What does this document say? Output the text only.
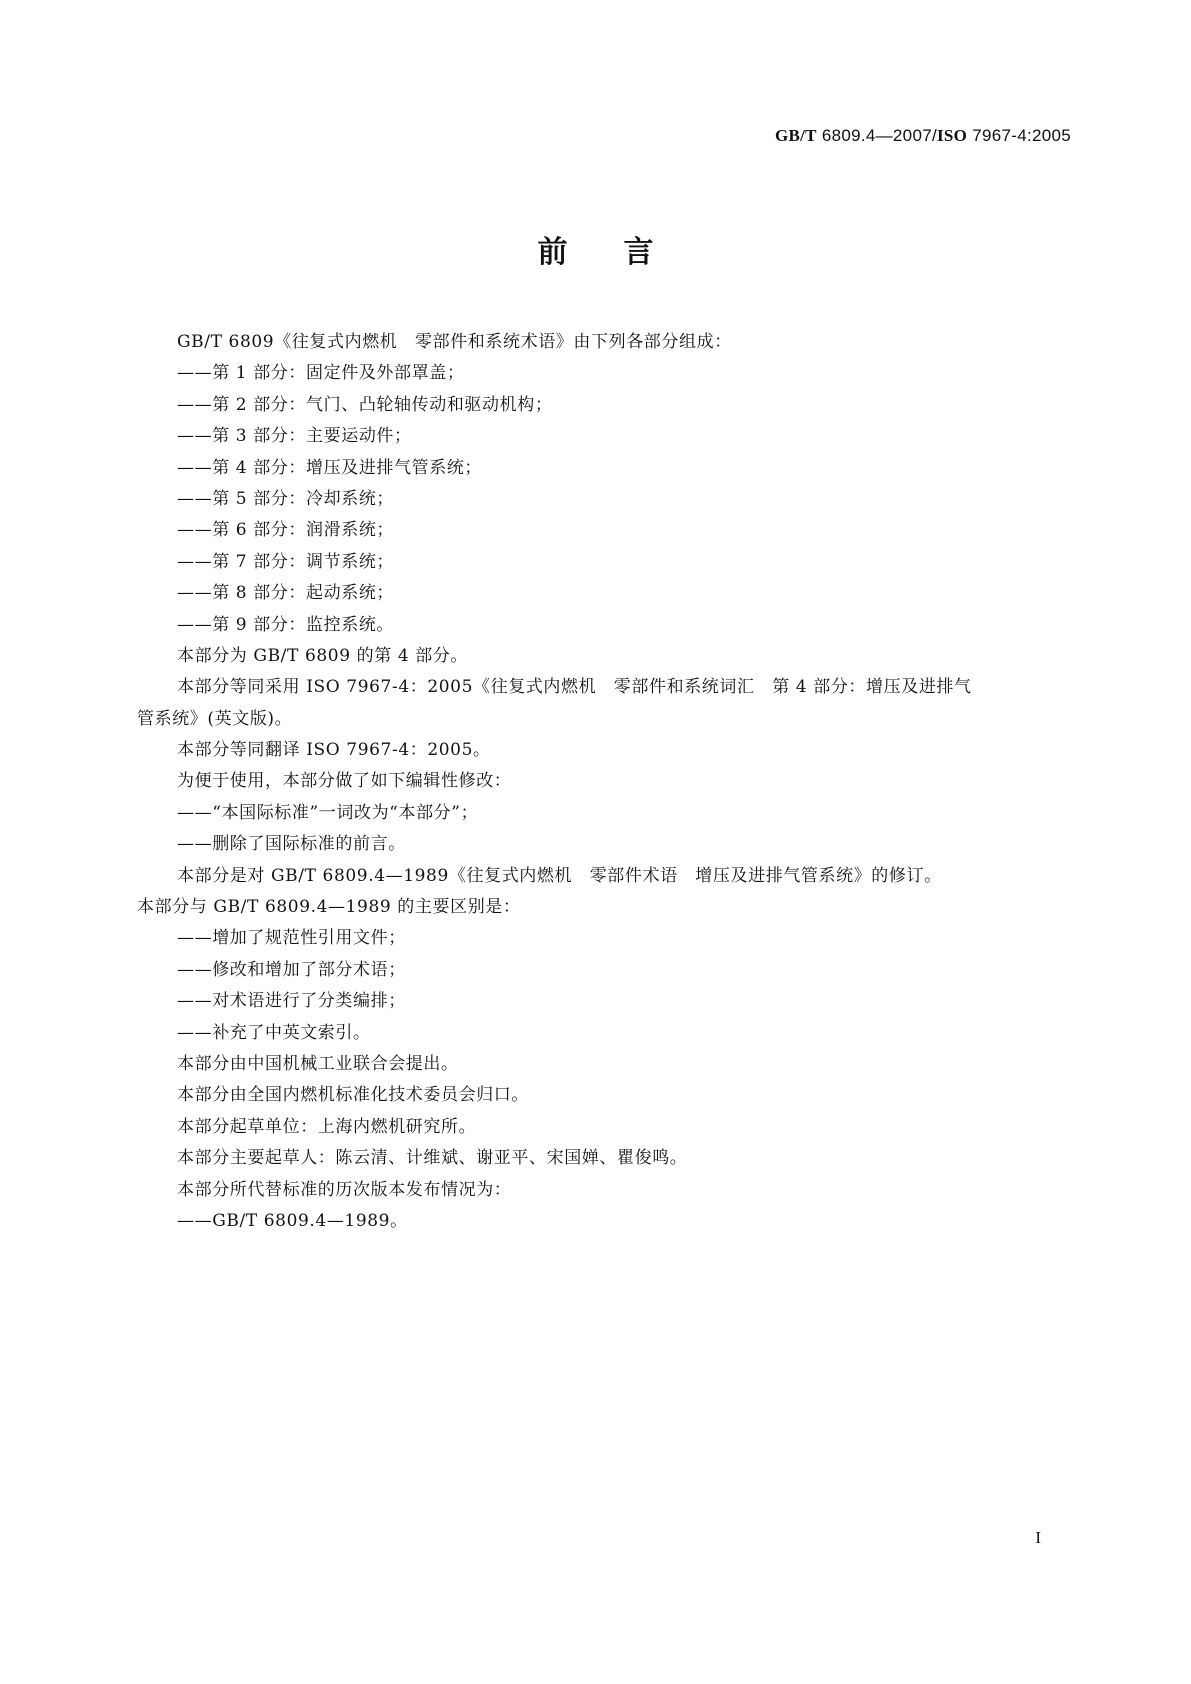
GB/T 6809.4—2007/ISO 7967-4:2005
前言
GB/T 6809《往复式内燃机　零部件和系统术语》由下列各部分组成：
——第 1 部分：固定件及外部罩盖；
——第 2 部分：气门、凸轮轴传动和驱动机构；
——第 3 部分：主要运动件；
——第 4 部分：增压及进排气管系统；
——第 5 部分：冷却系统；
——第 6 部分：润滑系统；
——第 7 部分：调节系统；
——第 8 部分：起动系统；
——第 9 部分：监控系统。
本部分为 GB/T 6809 的第 4 部分。
本部分等同采用 ISO 7967-4：2005《往复式内燃机　零部件和系统词汇　第 4 部分：增压及进排气
管系统》(英文版)。
本部分等同翻译 ISO 7967-4：2005。
为便于使用，本部分做了如下编辑性修改：
——“本国际标准”一词改为“本部分”；
——删除了国际标准的前言。
本部分是对 GB/T 6809.4—1989《往复式内燃机　零部件术语　增压及进排气管系统》的修订。
本部分与 GB/T 6809.4—1989 的主要区别是：
——增加了规范性引用文件；
——修改和增加了部分术语；
——对术语进行了分类编排；
——补充了中英文索引。
本部分由中国机械工业联合会提出。
本部分由全国内燃机标准化技术委员会归口。
本部分起草单位：上海内燃机研究所。
本部分主要起草人：陈云清、计维斌、谢亚平、宋国婵、瞿俊鸣。
本部分所代替标准的历次版本发布情况为：
——GB/T 6809.4—1989。
I
